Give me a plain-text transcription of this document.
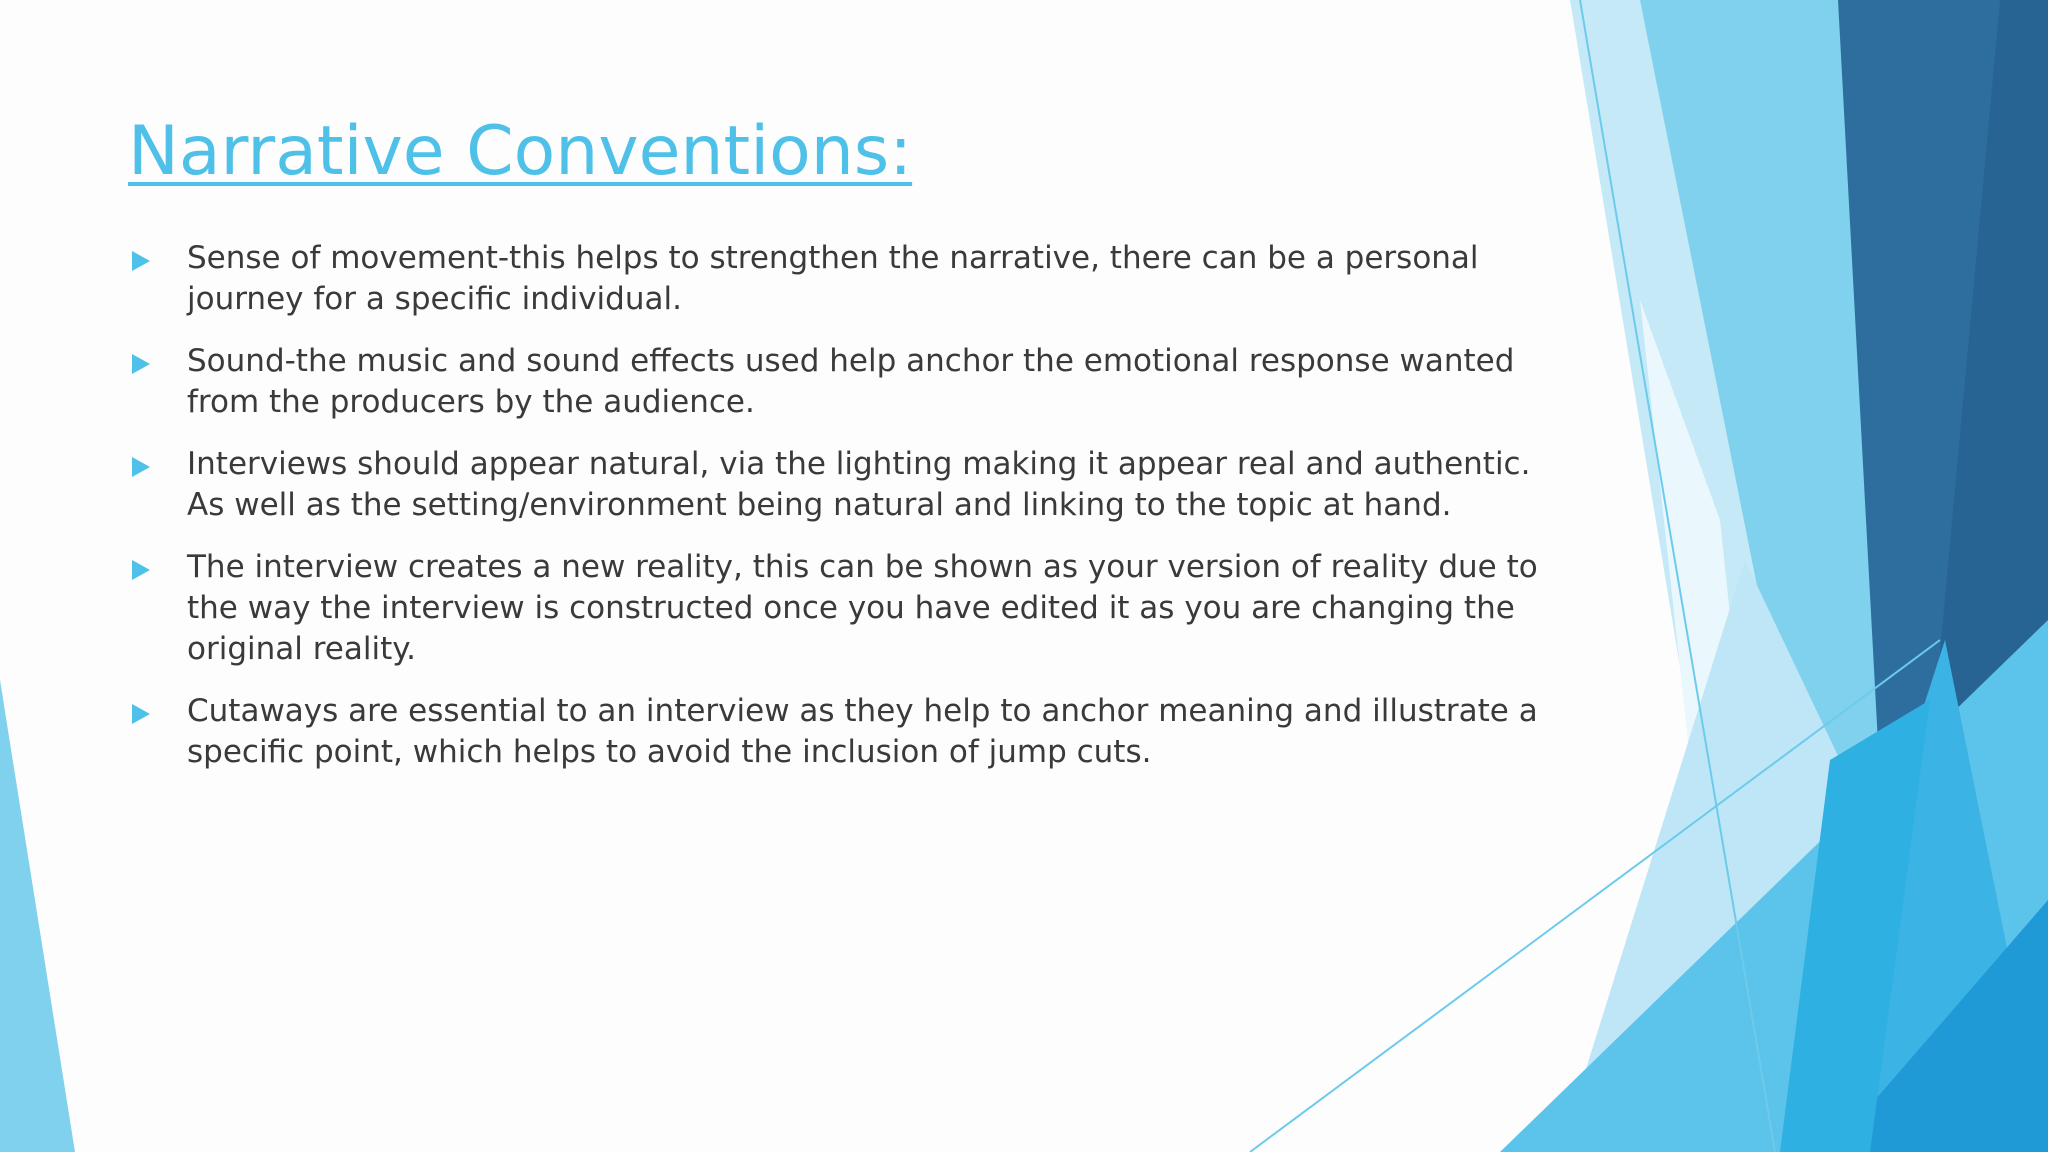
Narrative Conventions:
Sense of movement-this helps to strengthen the narrative, there can be a personal journey for a specific individual.
Sound-the music and sound effects used help anchor the emotional response wanted from the producers by the audience.
Interviews should appear natural, via the lighting making it appear real and authentic. As well as the setting/environment being natural and linking to the topic at hand.
The interview creates a new reality, this can be shown as your version of reality due to the way the interview is constructed once you have edited it as you are changing the original reality.
Cutaways are essential to an interview as they help to anchor meaning and illustrate a specific point, which helps to avoid the inclusion of jump cuts.
